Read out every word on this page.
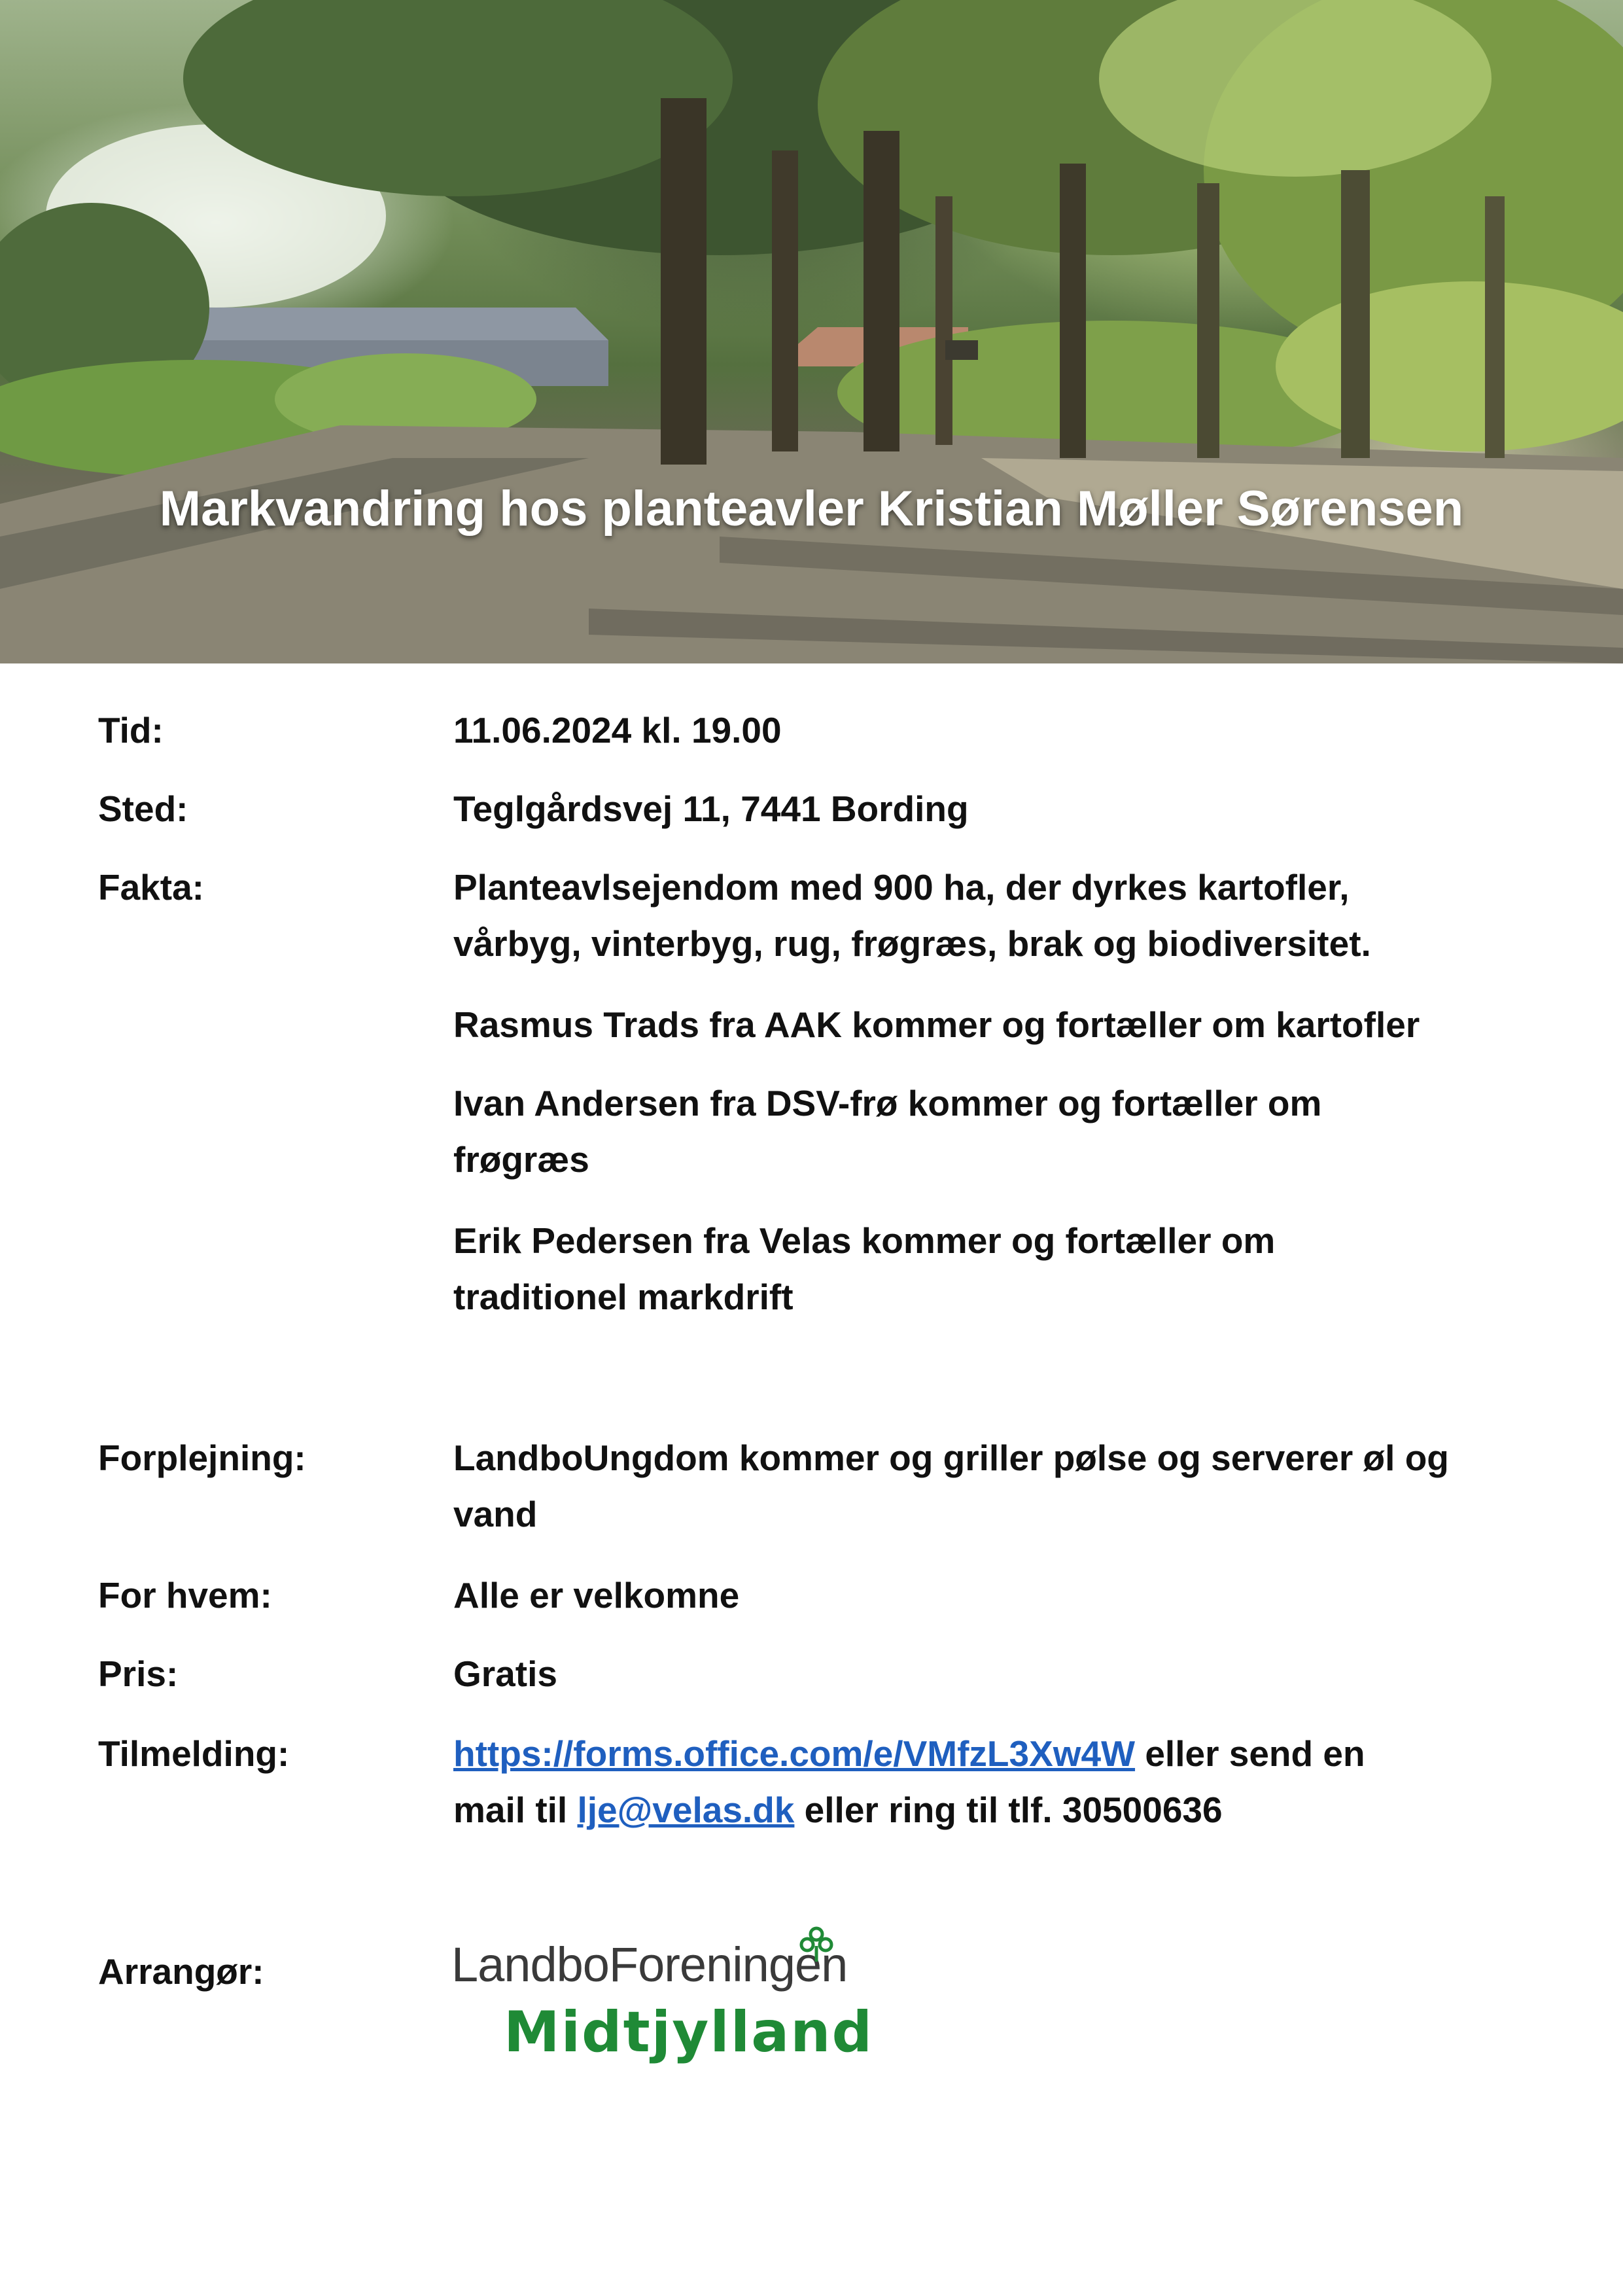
Markvandring hos planteavler Kristian Møller Sørensen
Tid:	11.06.2024 kl. 19.00
Sted:	Teglgårdsvej 11, 7441 Bording
Fakta:	Planteavlsejendom med 900 ha, der dyrkes kartofler,

vårbyg, vinterbyg, rug, frøgræs, brak og biodiversitet.

Rasmus Trads fra AAK kommer og fortæller om kartofler

Ivan Andersen fra DSV-frø kommer og fortæller om

frøgræs

Erik Pedersen fra Velas kommer og fortæller om

traditionel markdrift

Forplejning:	LandboUngdom kommer og griller pølse og serverer øl og

vand

For hvem:	Alle er velkomne
Pris:	Gratis
Tilmelding:	https://forms.office.com/e/VMfzL3Xw4W eller send en

mail til lje@velas.dk eller ring til tlf. 30500636

Arrangør:	LandboForeningen
Midtjylland
